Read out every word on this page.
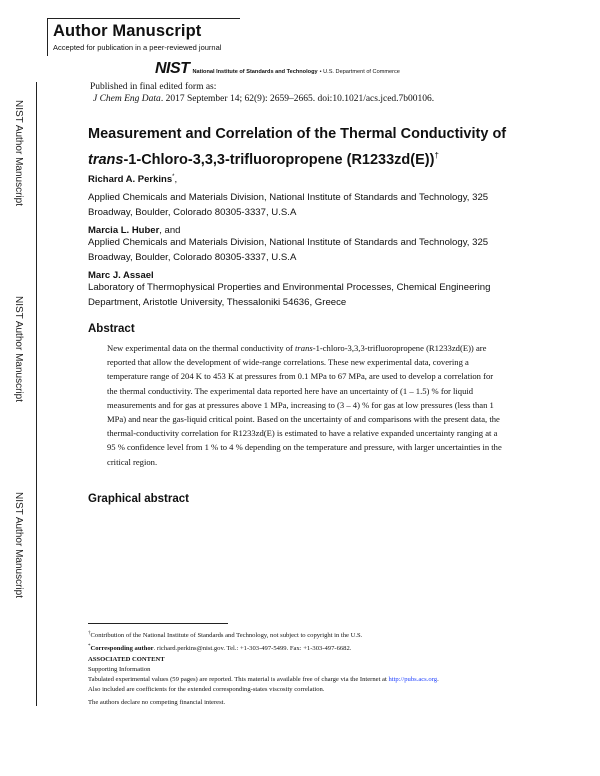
Author Manuscript
Accepted for publication in a peer-reviewed journal
NIST National Institute of Standards and Technology • U.S. Department of Commerce
NIST Author Manuscript
NIST Author Manuscript
NIST Author Manuscript
Published in final edited form as:
J Chem Eng Data. 2017 September 14; 62(9): 2659–2665. doi:10.1021/acs.jced.7b00106.
Measurement and Correlation of the Thermal Conductivity of
trans-1-Chloro-3,3,3-trifluoropropene (R1233zd(E))†
Richard A. Perkins*,
Applied Chemicals and Materials Division, National Institute of Standards and Technology, 325 Broadway, Boulder, Colorado 80305-3337, U.S.A
Marcia L. Huber, and
Applied Chemicals and Materials Division, National Institute of Standards and Technology, 325 Broadway, Boulder, Colorado 80305-3337, U.S.A
Marc J. Assael
Laboratory of Thermophysical Properties and Environmental Processes, Chemical Engineering Department, Aristotle University, Thessaloniki 54636, Greece
Abstract
New experimental data on the thermal conductivity of trans-1-chloro-3,3,3-trifluoropropene (R1233zd(E)) are reported that allow the development of wide-range correlations. These new experimental data, covering a temperature range of 204 K to 453 K at pressures from 0.1 MPa to 67 MPa, are used to develop a correlation for the thermal conductivity. The experimental data reported here have an uncertainty of (1 – 1.5) % for liquid measurements and for gas at pressures above 1 MPa, increasing to (3 – 4) % for gas at low pressures (less than 1 MPa) and near the gas-liquid critical point. Based on the uncertainty of and comparisons with the present data, the thermal-conductivity correlation for R1233zd(E) is estimated to have a relative expanded uncertainty ranging at a 95 % confidence level from 1 % to 4 % depending on the temperature and pressure, with larger uncertainties in the critical region.
Graphical abstract
†Contribution of the National Institute of Standards and Technology, not subject to copyright in the U.S.
*Corresponding author. richard.perkins@nist.gov. Tel.: +1-303-497-5499. Fax: +1-303-497-6682.
ASSOCIATED CONTENT
Supporting Information
Tabulated experimental values (59 pages) are reported. This material is available free of charge via the Internet at http://pubs.acs.org.
Also included are coefficients for the extended corresponding-states viscosity correlation.
The authors declare no competing financial interest.
